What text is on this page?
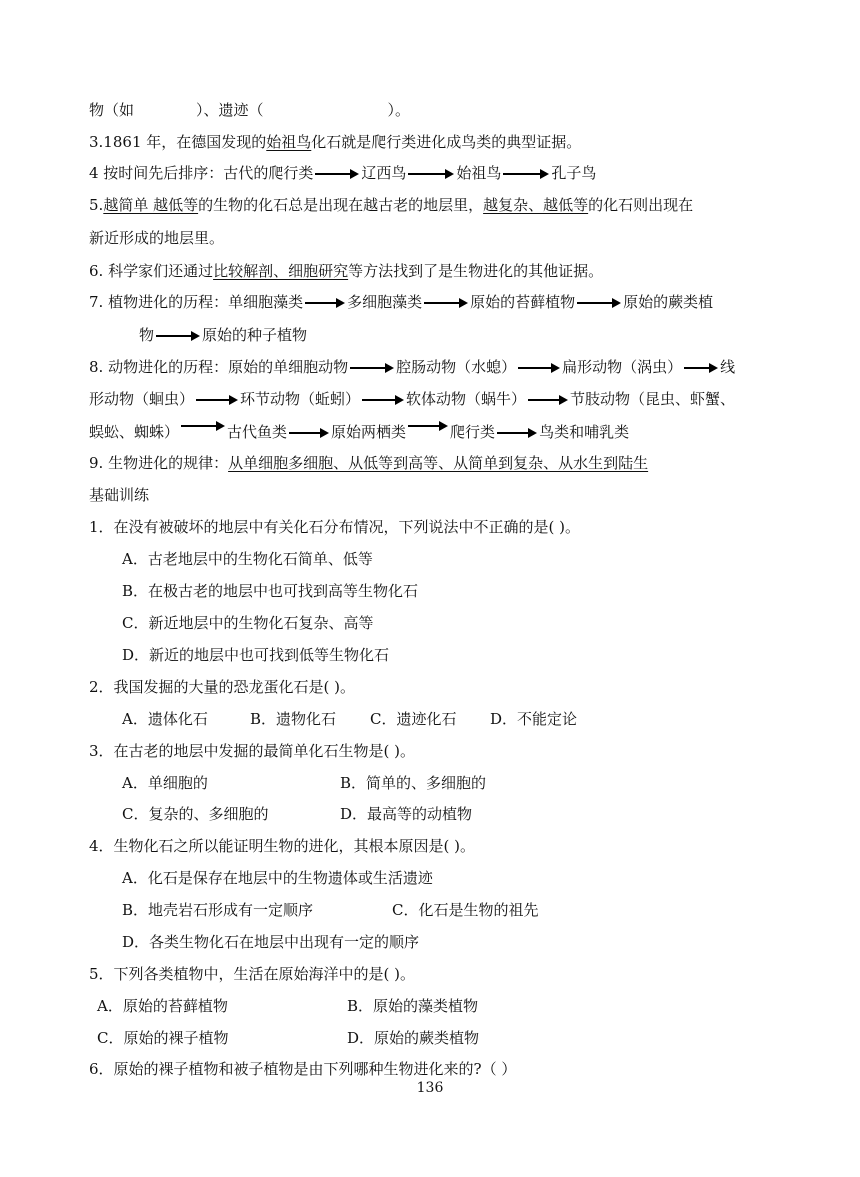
物（如	）、遗迹（	）。
3.1861 年，在德国发现的始祖鸟化石就是爬行类进化成鸟类的典型证据。
4 按时间先后排序：古代的爬行类	辽西鸟	始祖鸟	孔子鸟
5.越简单 越低等的生物的化石总是出现在越古老的地层里，越复杂、越低等的化石则出现在
新近形成的地层里。
6. 科学家们还通过比较解剖、细胞研究等方法找到了是生物进化的其他证据。
7. 植物进化的历程：单细胞藻类	多细胞藻类	原始的苔藓植物	原始的蕨类植
物	原始的种子植物
8. 动物进化的历程：原始的单细胞动物	腔肠动物（水螅）	扁形动物（涡虫）	线
形动物（蛔虫）	环节动物（蚯蚓）	软体动物（蜗牛）	节肢动物（昆虫、虾蟹、
蜈蚣、蜘蛛）	古代鱼类	原始两栖类	爬行类	鸟类和哺乳类
9. 生物进化的规律：从单细胞多细胞、从低等到高等、从简单到复杂、从水生到陆生
基础训练
1．在没有被破坏的地层中有关化石分布情况，下列说法中不正确的是( )。
A．古老地层中的生物化石简单、低等
B．在极古老的地层中也可找到高等生物化石
C．新近地层中的生物化石复杂、高等
D．新近的地层中也可找到低等生物化石
2．我国发掘的大量的恐龙蛋化石是( )。
A．遗体化石	B．遗物化石 C．遗迹化石 D．不能定论
3．在古老的地层中发掘的最简单化石生物是( )。
A．单细胞的	B．简单的、多细胞的
C．复杂的、多细胞的	D．最高等的动植物
4．生物化石之所以能证明生物的进化，其根本原因是( )。
A．化石是保存在地层中的生物遗体或生活遗迹
B．地壳岩石形成有一定顺序	C．化石是生物的祖先
D．各类生物化石在地层中出现有一定的顺序
5．下列各类植物中，生活在原始海洋中的是( )。
A．原始的苔藓植物	B．原始的藻类植物
C．原始的裸子植物	D．原始的蕨类植物
6．原始的裸子植物和被子植物是由下列哪种生物进化来的?（ ）
136
